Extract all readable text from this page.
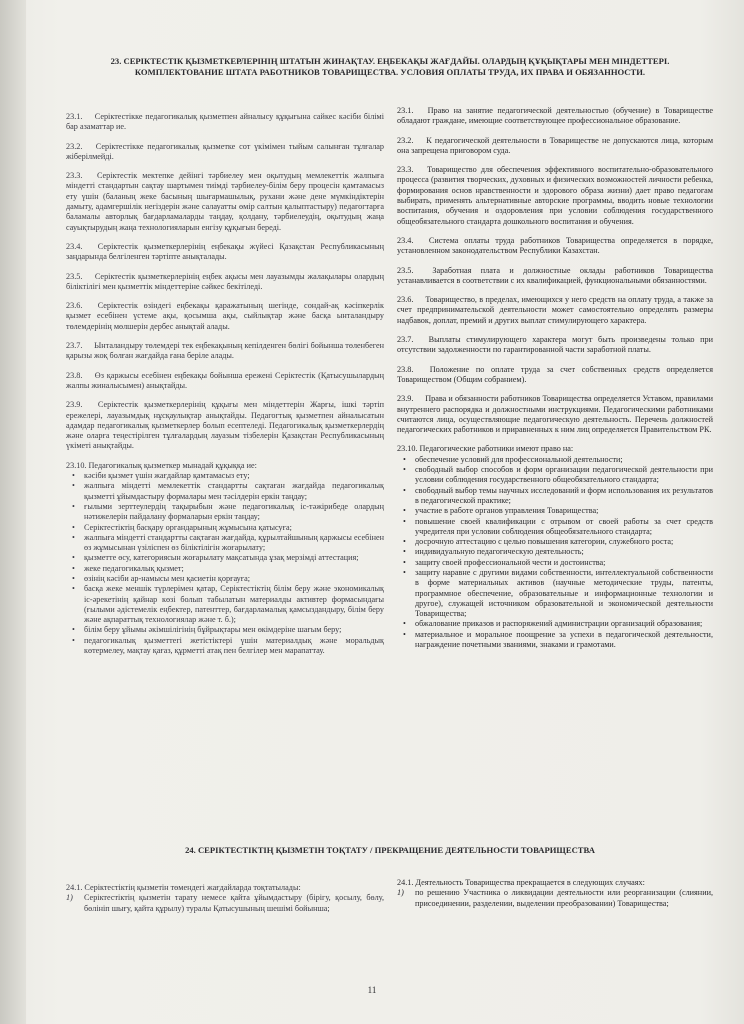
23. СЕРІКТЕСТІК ҚЫЗМЕТКЕРЛЕРІНІҢ ШТАТЫН ЖИНАҚТАУ. ЕҢБЕКАҚЫ ЖАҒДАЙЫ. ОЛАРДЫҢ ҚҰҚЫҚТАРЫ МЕН МІНДЕТТЕРІ. КОМПЛЕКТОВАНИЕ ШТАТА РАБОТНИКОВ ТОВАРИЩЕСТВА. УСЛОВИЯ ОПЛАТЫ ТРУДА, ИХ ПРАВА И ОБЯЗАННОСТИ.
23.1. Серіктестікке педагогикалық қызметпен айналысу құқығына сайкес кәсіби білімі бар азаматтар ие.
23.2. Серіктестікке педагогикалық қызметке сот үкімімен тыйым салынған тұлғалар жіберілмейді.
23.3. Серіктестік мектепке дейінгі тәрбиелеу мен оқытудың мемлекеттік жалпыға міндетті стандартын сақтау шартымен тиімді тәрбиелеу-білім беру процесін қамтамасыз ету үшін (баланың жеке басының шығармашылық, рухани және дене мүмкіндіктерін дамыту, адамгершілік негіздерін және салауатты өмір салтын қалыптастыру) педагогтарға баламалы авторлық бағдарламаларды таңдау, қолдану, тәрбиелеудің, оқытудың жаңа сауықтырудың жаңа технологияларын енгізу құқығын береді.
23.4. Серіктестік қызметкерлерінің еңбекақы жүйесі Қазақстан Республикасының заңдарында белгіленген тәртіпте анықталады.
23.5. Серіктестік қызметкерлерінің еңбек ақысы мен лауазымды жалақылары олардың біліктілігі мен қызметтік міндеттеріне сәйкес бекітіледі.
23.6. Серіктестік өзіндегі еңбекақы қаражатының шегінде, сондай-ақ кәсіпкерлік қызмет есебінен үстеме ақы, қосымша ақы, сыйлықтар және басқа ынталандыру төлемдерінің мөлшерін дербес анықтай алады.
23.7. Ынталандыру төлемдері тек еңбекақының кепілденген бөлігі бойынша төленбеген қарызы жоқ болған жағдайда ғана беріле алады.
23.8. Өз қаржысы есебінен еңбекақы бойынша ережені Серіктестік (Қатысушылардың жалпы жиналысымен) анықтайды.
23.9. Серіктестік қызметкерлерінің құқығы мен міндеттерін Жарғы, ішкі тәртіп ережелері, лауазымдық нұсқаулықтар анықтайды. Педагогтық қызметпен айналысатын адамдар педагогикалық қызметкерлер болып есептеледі. Педагогикалық қызметкерлердің және оларға теңестірілген тұлғалардың лауазым тізбелерін Қазақстан Республикасының үкіметі анықтайды.
23.10. Педагогикалық қызметкер мынадай құқыққа ие:
• кәсіби қызмет үшін жағдайлар қамтамасыз ету;
• жалпыға міндетті мемлекеттік стандартты сақтаған жағдайда педагогикалық қызметті ұйымдастыру формалары мен тәсілдерін еркін таңдау;
• ғылыми зерттеулердің тақырыбын және педагогикалық іс-тәжірибеде олардың нәтижелерін пайдалану формаларын еркін таңдау;
• Серіктестіктің басқару органдарының жұмысына қатысуға;
• жалпыға міндетті стандартты сақтаған жағдайда, құрылтайшының қаржысы есебінен өз жұмысынан үзіліспен өз біліктілігін жоғарылату;
• қызметте өсу, категориясын жоғарылату мақсатында ұзақ мерзімді аттестация;
• жеке педагогикалық қызмет;
• өзінің кәсіби ар-намысы мен қасиетін қорғауға;
• басқа жеке меншік түрлерімен қатар, Серіктестіктің білім беру және экономикалық іс-әрекетінің қайнар көзі болып табылатын материалды активтер формасындағы (ғылыми әдістемелік еңбектер, патенттер, бағдарламалық қамсыздандыру, білім беру және ақпараттық технологиялар және т. б.);
• білім беру ұйымы әкімшілігінің бұйрықтары мен өкімдеріне шағым беру;
• педагогикалық қызметтегі жетістіктері үшін материалдық және моральдық көтермелеу, мақтау қағаз, құрметті атақ пен белгілер мен марапаттау.
23.1. Право на занятие педагогической деятельностью (обучение) в Товариществе обладают граждане, имеющие соответствующее профессиональное образование.
23.2. К педагогической деятельности в Товариществе не допускаются лица, которым она запрещена приговором суда.
23.3. Товарищество для обеспечения эффективного воспитательно-образовательного процесса (развития творческих, духовных и физических возможностей личности ребенка, формирования основ нравственности и здорового образа жизни) дает право педагогам выбирать, применять альтернативные авторские программы, вводить новые технологии воспитания, обучения и оздоровления при условии соблюдения государственного общеобязательного стандарта дошкольного воспитания и обучения.
23.4. Система оплаты труда работников Товарищества определяется в порядке, установленном законодательством Республики Казахстан.
23.5. Заработная плата и должностные оклады работников Товарищества устанавливается в соответствии с их квалификацией, функциональными обязанностями.
23.6. Товарищество, в пределах, имеющихся у него средств на оплату труда, а также за счет предпринимательской деятельности может самостоятельно определять размеры надбавок, доплат, премий и других выплат стимулирующего характера.
23.7. Выплаты стимулирующего характера могут быть произведены только при отсутствии задолженности по гарантированной части заработной платы.
23.8. Положение по оплате труда за счет собственных средств определяется Товариществом (Общим собранием).
23.9. Права и обязанности работников Товарищества определяется Уставом, правилами внутреннего распорядка и должностными инструкциями. Педагогическими работниками считаются лица, осуществляющие педагогическую деятельность. Перечень должностей педагогических работников и приравненных к ним лиц определяется Правительством РК.
23.10. Педагогические работники имеют право на:
• обеспечение условий для профессиональной деятельности;
• свободный выбор способов и форм организации педагогической деятельности при условии соблюдения государственного общеобязательного стандарта;
• свободный выбор темы научных исследований и форм использования их результатов в педагогической практике;
• участие в работе органов управления Товарищества;
• повышение своей квалификации с отрывом от своей работы за счет средств учредителя при условии соблюдения общеобязательного стандарта;
• досрочную аттестацию с целью повышения категории, служебного роста;
• индивидуальную педагогическую деятельность;
• защиту своей профессиональной чести и достоинства;
• защиту наравне с другими видами собственности, интеллектуальной собственности в форме материальных активов (научные методические труды, патенты, программное обеспечение, образовательные и информационные технологии и другое), служащей источником образовательной и экономической деятельности Товарищества;
• обжалование приказов и распоряжений администрации организаций образования;
• материальное и моральное поощрение за успехи в педагогической деятельности, награждение почетными званиями, знаками и грамотами.
24. СЕРІКТЕСТІКТІҢ ҚЫЗМЕТІН ТОҚТАТУ / ПРЕКРАЩЕНИЕ ДЕЯТЕЛЬНОСТИ ТОВАРИЩЕСТВА
24.1. Серіктестіктің қызметін төмендегі жағдайларда тоқтатылады:
1) Серіктестіктің қызметін тарату немесе қайта ұйымдастыру (бірігу, қосылу, бөлу, бөлініп шығу, қайта құрылу) туралы Қатысушының шешімі бойынша;
24.1. Деятельность Товарищества прекращается в следующих случаях:
1) по решению Участника о ликвидации деятельности или реорганизации (слиянии, присоединении, разделении, выделении преобразовании) Товарищества;
11
